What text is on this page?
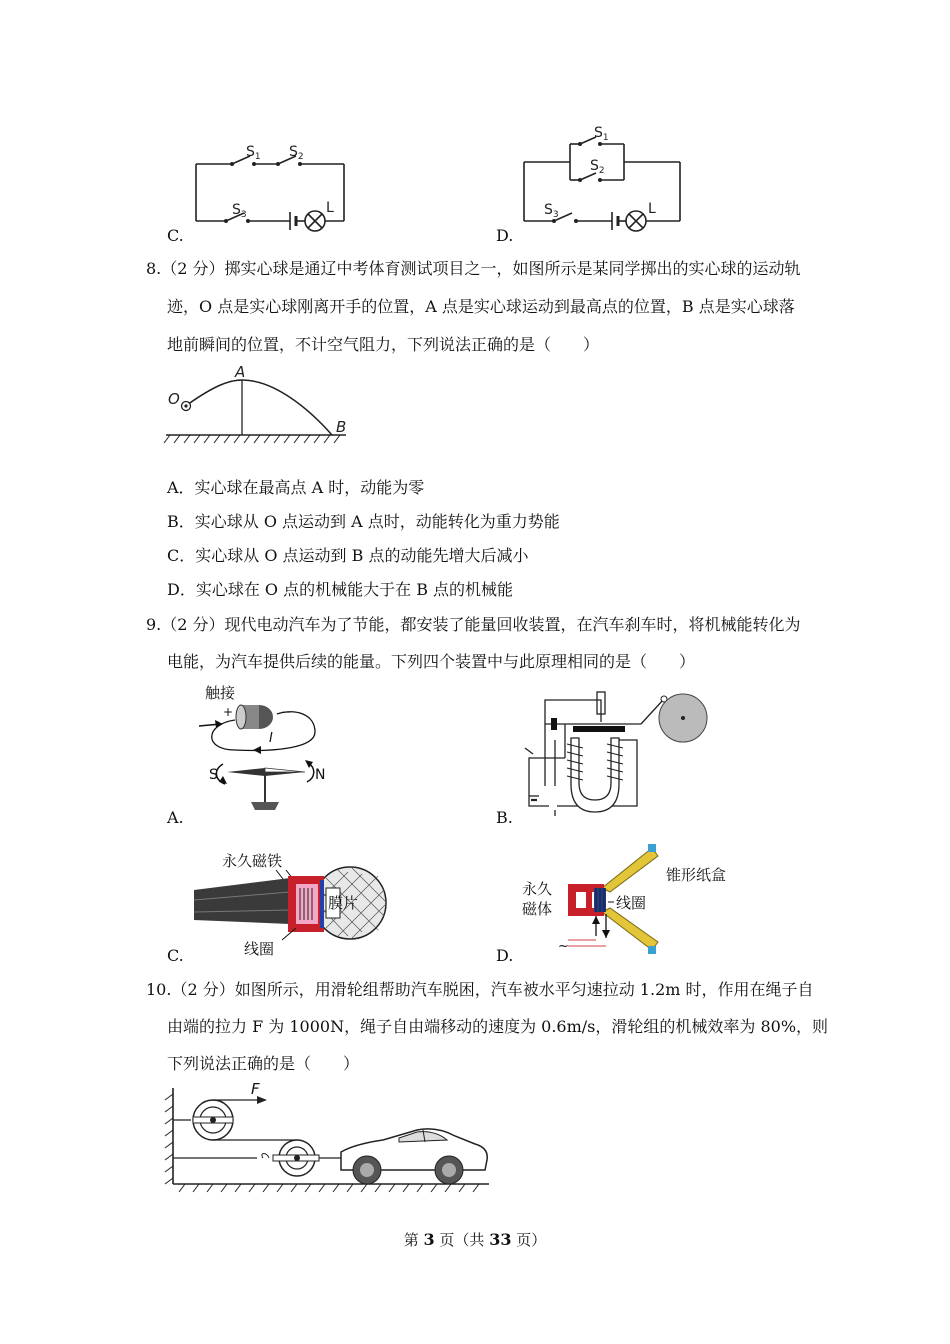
$S_1$ $S_2$
$S_3$	L
C.
$S_1$
$S_2$
$S_3$	L
D.
8.（2 分）掷实心球是通辽中考体育测试项目之一，如图所示是某同学掷出的实心球的运动轨
迹，O 点是实心球刚离开手的位置，A 点是实心球运动到最高点的位置，B 点是实心球落
地前瞬间的位置，不计空气阻力，下列说法正确的是（　　）
O
A
B
A．实心球在最高点 A 时，动能为零
B．实心球从 O 点运动到 A 点时，动能转化为重力势能
C．实心球从 O 点运动到 B 点的动能先增大后减小
D．实心球在 O 点的机械能大于在 B 点的机械能
9.（2 分）现代电动汽车为了节能，都安装了能量回收装置，在汽车刹车时，将机械能转化为
电能，为汽车提供后续的能量。下列四个装置中与此原理相同的是（　　）
触接
+	−
I
S	N
A.	B.
永久磁铁
膜片
线圈
C.
锥形纸盒
永久
磁体	线圈
~
D.
10.（2 分）如图所示，用滑轮组帮助汽车脱困，汽车被水平匀速拉动 1.2m 时，作用在绳子自
由端的拉力 F 为 1000N，绳子自由端移动的速度为 0.6m/s，滑轮组的机械效率为 80%，则
下列说法正确的是（　　）
F
第 3 页（共 33 页）
